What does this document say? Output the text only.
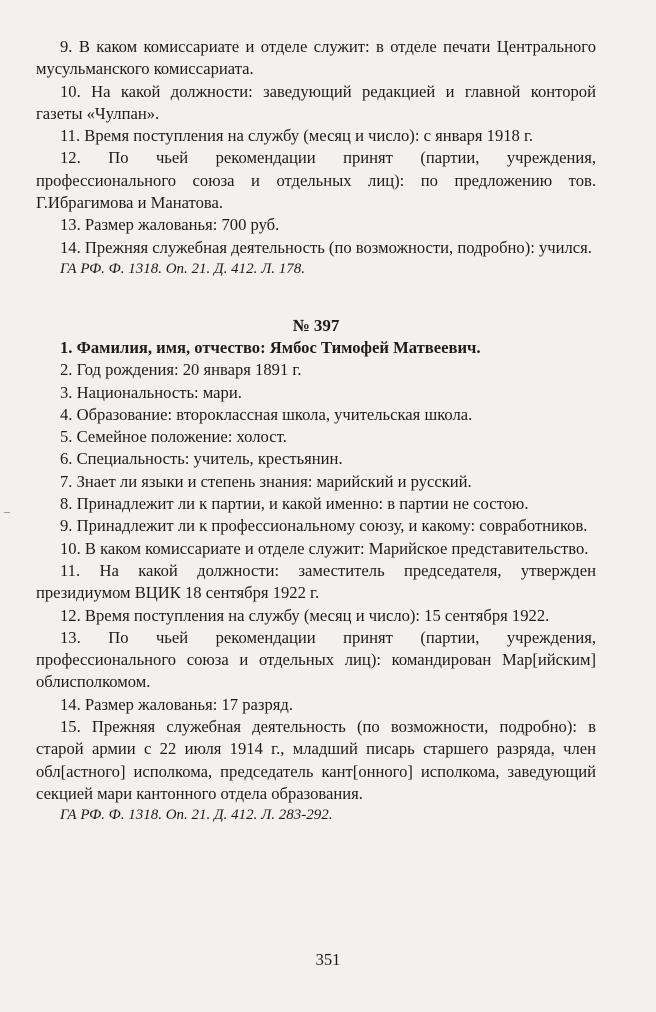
–

9. В каком комиссариате и отделе служит: в отделе печати Центрального мусульманского комиссариата.

10. На какой должности: заведующий редакцией и главной конторой газеты «Чулпан».

11. Время поступления на службу (месяц и число): с января 1918 г.

12. По чьей рекомендации принят (партии, учреждения, профессионального союза и отдельных лиц): по предложению тов. Г.Ибрагимова и Манатова.

13. Размер жалованья: 700 руб.

14. Прежняя служебная деятельность (по возможности, подробно): учился.

ГА РФ. Ф. 1318. Оп. 21. Д. 412. Л. 178.

№ 397

1. Фамилия, имя, отчество: Ямбос Тимофей Матвеевич.

2. Год рождения: 20 января 1891 г.

3. Национальность: мари.

4. Образование: второклассная школа, учительская школа.

5. Семейное положение: холост.

6. Специальность: учитель, крестьянин.

7. Знает ли языки и степень знания: марийский и русский.

8. Принадлежит ли к партии, и какой именно: в партии не состою.

9. Принадлежит ли к профессиональному союзу, и какому: совработников.

10. В каком комиссариате и отделе служит: Марийское представительство.

11. На какой должности: заместитель председателя, утвержден президиумом ВЦИК 18 сентября 1922 г.

12. Время поступления на службу (месяц и число): 15 сентября 1922.

13. По чьей рекомендации принят (партии, учреждения, профессионального союза и отдельных лиц): командирован Мар[ийским] облисполкомом.

14. Размер жалованья: 17 разряд.

15. Прежняя служебная деятельность (по возможности, подробно): в старой армии с 22 июля 1914 г., младший писарь старшего разряда, член обл[астного] исполкома, председатель кант[онного] исполкома, заведующий секцией мари кантонного отдела образования.

ГА РФ. Ф. 1318. Оп. 21. Д. 412. Л. 283-292.

351
